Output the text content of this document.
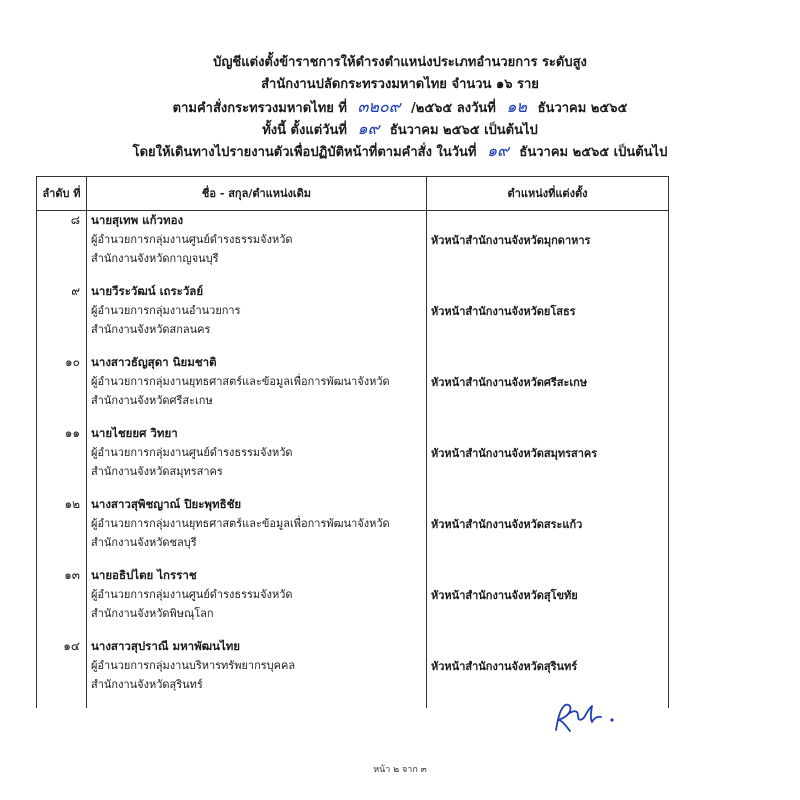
บัญชีแต่งตั้งข้าราชการให้ดำรงตำแหน่งประเภทอำนวยการ ระดับสูง
สำนักงานปลัดกระทรวงมหาดไทย จำนวน ๑๖ ราย
ตามคำสั่งกระทรวงมหาดไทย ที่ ๓๒๐๙ /๒๕๖๕ ลงวันที่ ๑๒ ธันวาคม ๒๕๖๕
ทั้งนี้ ตั้งแต่วันที่ ๑๙ ธันวาคม ๒๕๖๕ เป็นต้นไป
โดยให้เดินทางไปรายงานตัวเพื่อปฏิบัติหน้าที่ตามคำสั่ง ในวันที่ ๑๙ ธันวาคม ๒๕๖๕ เป็นต้นไป
ลำดับ ที่	ชื่อ - สกุล/ตำแหน่งเดิม	ตำแหน่งที่แต่งตั้ง
๘	นายสุเทพ แก้วทอง
ผู้อำนวยการกลุ่มงานศูนย์ดำรงธรรมจังหวัด
สำนักงานจังหวัดกาญจนบุรี	หัวหน้าสำนักงานจังหวัดมุกดาหาร

๙	นายวีระวัฒน์ เถระวัลย์
ผู้อำนวยการกลุ่มงานอำนวยการ
สำนักงานจังหวัดสกลนคร	หัวหน้าสำนักงานจังหวัดยโสธร

๑๐	นางสาวธัญสุดา นิยมชาติ
ผู้อำนวยการกลุ่มงานยุทธศาสตร์และข้อมูลเพื่อการพัฒนาจังหวัด
สำนักงานจังหวัดศรีสะเกษ	หัวหน้าสำนักงานจังหวัดศรีสะเกษ

๑๑	นายไชยยศ วิทยา
ผู้อำนวยการกลุ่มงานศูนย์ดำรงธรรมจังหวัด
สำนักงานจังหวัดสมุทรสาคร	หัวหน้าสำนักงานจังหวัดสมุทรสาคร

๑๒	นางสาวสุพิชญาณ์ ปิยะพุทธิชัย
ผู้อำนวยการกลุ่มงานยุทธศาสตร์และข้อมูลเพื่อการพัฒนาจังหวัด
สำนักงานจังหวัดชลบุรี	หัวหน้าสำนักงานจังหวัดสระแก้ว

๑๓	นายอธิปไตย ไกรราช
ผู้อำนวยการกลุ่มงานศูนย์ดำรงธรรมจังหวัด
สำนักงานจังหวัดพิษณุโลก	หัวหน้าสำนักงานจังหวัดสุโขทัย

๑๔	นางสาวสุปราณี มหาพัฒนไทย
ผู้อำนวยการกลุ่มงานบริหารทรัพยากรบุคคล
สำนักงานจังหวัดสุรินทร์	หัวหน้าสำนักงานจังหวัดสุรินทร์
หน้า ๒ จาก ๓
